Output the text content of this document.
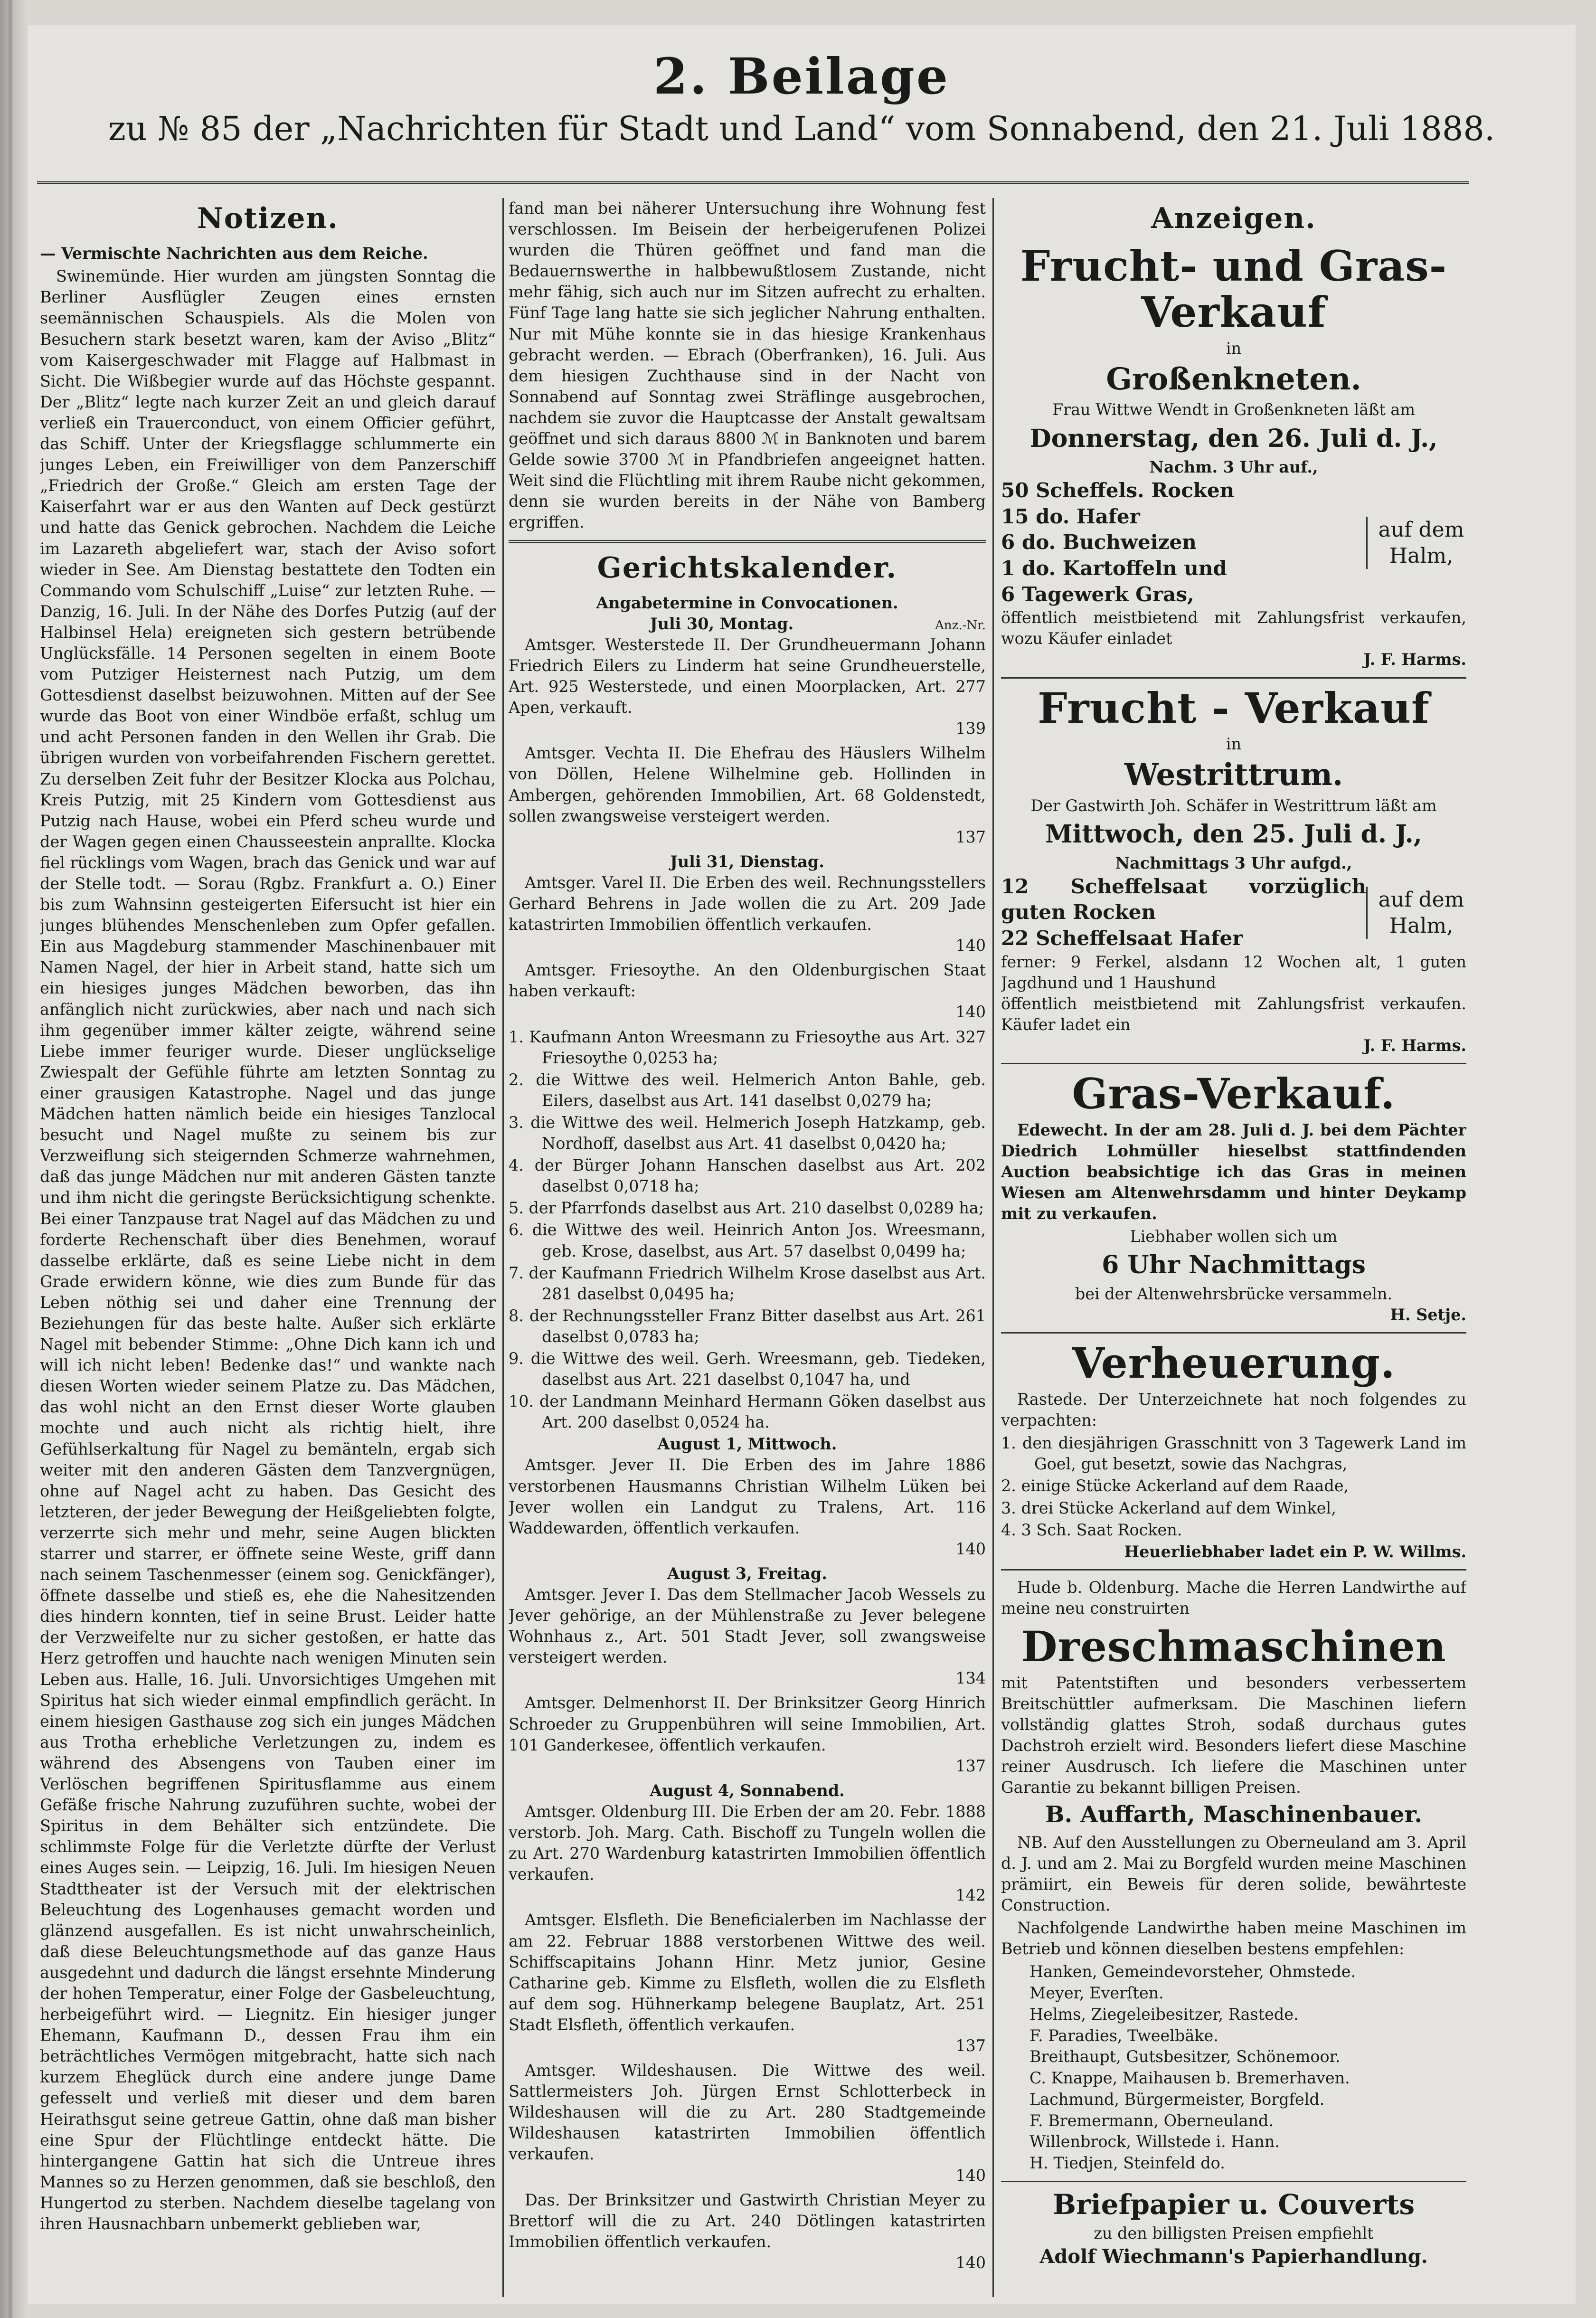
2. Beilage
zu № 85 der „Nachrichten für Stadt und Land“ vom Sonnabend, den 21. Juli 1888.
Notizen.

— Vermischte Nachrichten aus dem Reiche.

Swinemünde. Hier wurden am jüngsten Sonntag die Berliner Ausflügler Zeugen eines ernsten seemännischen Schauspiels. Als die Molen von Besuchern stark besetzt waren, kam der Aviso „Blitz“ vom Kaisergeschwader mit Flagge auf Halbmast in Sicht. Die Wißbegier wurde auf das Höchste gespannt. Der „Blitz“ legte nach kurzer Zeit an und gleich darauf verließ ein Trauerconduct, von einem Officier geführt, das Schiff. Unter der Kriegsflagge schlummerte ein junges Leben, ein Freiwilliger von dem Panzerschiff „Friedrich der Große.“ Gleich am ersten Tage der Kaiserfahrt war er aus den Wanten auf Deck gestürzt und hatte das Genick gebrochen. Nachdem die Leiche im Lazareth abgeliefert war, stach der Aviso sofort wieder in See. Am Dienstag bestattete den Todten ein Commando vom Schulschiff „Luise“ zur letzten Ruhe. — Danzig, 16. Juli. In der Nähe des Dorfes Putzig (auf der Halbinsel Hela) ereigneten sich gestern betrübende Unglücksfälle. 14 Personen segelten in einem Boote vom Putziger Heisternest nach Putzig, um dem Gottesdienst daselbst beizuwohnen. Mitten auf der See wurde das Boot von einer Windböe erfaßt, schlug um und acht Personen fanden in den Wellen ihr Grab. Die übrigen wurden von vorbeifahrenden Fischern gerettet. Zu derselben Zeit fuhr der Besitzer Klocka aus Polchau, Kreis Putzig, mit 25 Kindern vom Gottesdienst aus Putzig nach Hause, wobei ein Pferd scheu wurde und der Wagen gegen einen Chausseestein anprallte. Klocka fiel rücklings vom Wagen, brach das Genick und war auf der Stelle todt. — Sorau (Rgbz. Frankfurt a. O.) Einer bis zum Wahnsinn gesteigerten Eifersucht ist hier ein junges blühendes Menschenleben zum Opfer gefallen. Ein aus Magdeburg stammender Maschinenbauer mit Namen Nagel, der hier in Arbeit stand, hatte sich um ein hiesiges junges Mädchen beworben, das ihn anfänglich nicht zurückwies, aber nach und nach sich ihm gegenüber immer kälter zeigte, während seine Liebe immer feuriger wurde. Dieser unglückselige Zwiespalt der Gefühle führte am letzten Sonntag zu einer grausigen Katastrophe. Nagel und das junge Mädchen hatten nämlich beide ein hiesiges Tanzlocal besucht und Nagel mußte zu seinem bis zur Verzweiflung sich steigernden Schmerze wahrnehmen, daß das junge Mädchen nur mit anderen Gästen tanzte und ihm nicht die geringste Berücksichtigung schenkte. Bei einer Tanzpause trat Nagel auf das Mädchen zu und forderte Rechenschaft über dies Benehmen, worauf dasselbe erklärte, daß es seine Liebe nicht in dem Grade erwidern könne, wie dies zum Bunde für das Leben nöthig sei und daher eine Trennung der Beziehungen für das beste halte. Außer sich erklärte Nagel mit bebender Stimme: „Ohne Dich kann ich und will ich nicht leben! Bedenke das!“ und wankte nach diesen Worten wieder seinem Platze zu. Das Mädchen, das wohl nicht an den Ernst dieser Worte glauben mochte und auch nicht als richtig hielt, ihre Gefühlserkaltung für Nagel zu bemänteln, ergab sich weiter mit den anderen Gästen dem Tanzvergnügen, ohne auf Nagel acht zu haben. Das Gesicht des letzteren, der jeder Bewegung der Heißgeliebten folgte, verzerrte sich mehr und mehr, seine Augen blickten starrer und starrer, er öffnete seine Weste, griff dann nach seinem Taschenmesser (einem sog. Genickfänger), öffnete dasselbe und stieß es, ehe die Nahesitzenden dies hindern konnten, tief in seine Brust. Leider hatte der Verzweifelte nur zu sicher gestoßen, er hatte das Herz getroffen und hauchte nach wenigen Minuten sein Leben aus. Halle, 16. Juli. Unvorsichtiges Umgehen mit Spiritus hat sich wieder einmal empfindlich gerächt. In einem hiesigen Gasthause zog sich ein junges Mädchen aus Trotha erhebliche Verletzungen zu, indem es während des Absengens von Tauben einer im Verlöschen begriffenen Spiritusflamme aus einem Gefäße frische Nahrung zuzuführen suchte, wobei der Spiritus in dem Behälter sich entzündete. Die schlimmste Folge für die Verletzte dürfte der Verlust eines Auges sein. — Leipzig, 16. Juli. Im hiesigen Neuen Stadttheater ist der Versuch mit der elektrischen Beleuchtung des Logenhauses gemacht worden und glänzend ausgefallen. Es ist nicht unwahrscheinlich, daß diese Beleuchtungsmethode auf das ganze Haus ausgedehnt und dadurch die längst ersehnte Minderung der hohen Temperatur, einer Folge der Gasbeleuchtung, herbeigeführt wird. — Liegnitz. Ein hiesiger junger Ehemann, Kaufmann D., dessen Frau ihm ein beträchtliches Vermögen mitgebracht, hatte sich nach kurzem Eheglück durch eine andere junge Dame gefesselt und verließ mit dieser und dem baren Heirathsgut seine getreue Gattin, ohne daß man bisher eine Spur der Flüchtlinge entdeckt hätte. Die hintergangene Gattin hat sich die Untreue ihres Mannes so zu Herzen genommen, daß sie beschloß, den Hungertod zu sterben. Nachdem dieselbe tagelang von ihren Hausnachbarn unbemerkt geblieben war,

fand man bei näherer Untersuchung ihre Wohnung fest verschlossen. Im Beisein der herbeigerufenen Polizei wurden die Thüren geöffnet und fand man die Bedauernswerthe in halbbewußtlosem Zustande, nicht mehr fähig, sich auch nur im Sitzen aufrecht zu erhalten. Fünf Tage lang hatte sie sich jeglicher Nahrung enthalten. Nur mit Mühe konnte sie in das hiesige Krankenhaus gebracht werden. — Ebrach (Oberfranken), 16. Juli. Aus dem hiesigen Zuchthause sind in der Nacht von Sonnabend auf Sonntag zwei Sträflinge ausgebrochen, nachdem sie zuvor die Hauptcasse der Anstalt gewaltsam geöffnet und sich daraus 8800 ℳ in Banknoten und barem Gelde sowie 3700 ℳ in Pfandbriefen angeeignet hatten. Weit sind die Flüchtling mit ihrem Raube nicht gekommen, denn sie wurden bereits in der Nähe von Bamberg ergriffen.

Gerichtskalender.
Angabetermine in Convocationen.
Juli 30, Montag.	Anz.-Nr.
Amtsger. Westerstede II. Der Grundheuermann Johann Friedrich Eilers zu Linderm hat seine Grundheuerstelle, Art. 925 Westerstede, und einen Moorplacken, Art. 277 Apen, verkauft.
139
Amtsger. Vechta II. Die Ehefrau des Häuslers Wilhelm von Döllen, Helene Wilhelmine geb. Hollinden in Ambergen, gehörenden Immobilien, Art. 68 Goldenstedt, sollen zwangsweise versteigert werden.
137
Juli 31, Dienstag.
Amtsger. Varel II. Die Erben des weil. Rechnungsstellers Gerhard Behrens in Jade wollen die zu Art. 209 Jade katastrirten Immobilien öffentlich verkaufen.
140
Amtsger. Friesoythe. An den Oldenburgischen Staat haben verkauft:
140
1. Kaufmann Anton Wreesmann zu Friesoythe aus Art. 327 Friesoythe 0,0253 ha;
2. die Wittwe des weil. Helmerich Anton Bahle, geb. Eilers, daselbst aus Art. 141 daselbst 0,0279 ha;
3. die Wittwe des weil. Helmerich Joseph Hatzkamp, geb. Nordhoff, daselbst aus Art. 41 daselbst 0,0420 ha;
4. der Bürger Johann Hanschen daselbst aus Art. 202 daselbst 0,0718 ha;
5. der Pfarrfonds daselbst aus Art. 210 daselbst 0,0289 ha;
6. die Wittwe des weil. Heinrich Anton Jos. Wreesmann, geb. Krose, daselbst, aus Art. 57 daselbst 0,0499 ha;
7. der Kaufmann Friedrich Wilhelm Krose daselbst aus Art. 281 daselbst 0,0495 ha;
8. der Rechnungssteller Franz Bitter daselbst aus Art. 261 daselbst 0,0783 ha;
9. die Wittwe des weil. Gerh. Wreesmann, geb. Tiedeken, daselbst aus Art. 221 daselbst 0,1047 ha, und
10. der Landmann Meinhard Hermann Göken daselbst aus Art. 200 daselbst 0,0524 ha.
August 1, Mittwoch.
Amtsger. Jever II. Die Erben des im Jahre 1886 verstorbenen Hausmanns Christian Wilhelm Lüken bei Jever wollen ein Landgut zu Tralens, Art. 116 Waddewarden, öffentlich verkaufen.
140
August 3, Freitag.
Amtsger. Jever I. Das dem Stellmacher Jacob Wessels zu Jever gehörige, an der Mühlenstraße zu Jever belegene Wohnhaus z., Art. 501 Stadt Jever, soll zwangsweise versteigert werden.
134
Amtsger. Delmenhorst II. Der Brinksitzer Georg Hinrich Schroeder zu Gruppenbühren will seine Immobilien, Art. 101 Ganderkesee, öffentlich verkaufen.
137
August 4, Sonnabend.
Amtsger. Oldenburg III. Die Erben der am 20. Febr. 1888 verstorb. Joh. Marg. Cath. Bischoff zu Tungeln wollen die zu Art. 270 Wardenburg katastrirten Immobilien öffentlich verkaufen.
142
Amtsger. Elsfleth. Die Beneficialerben im Nachlasse der am 22. Februar 1888 verstorbenen Wittwe des weil. Schiffscapitains Johann Hinr. Metz junior, Gesine Catharine geb. Kimme zu Elsfleth, wollen die zu Elsfleth auf dem sog. Hühnerkamp belegene Bauplatz, Art. 251 Stadt Elsfleth, öffentlich verkaufen.
137
Amtsger. Wildeshausen. Die Wittwe des weil. Sattlermeisters Joh. Jürgen Ernst Schlotterbeck in Wildeshausen will die zu Art. 280 Stadtgemeinde Wildeshausen katastrirten Immobilien öffentlich verkaufen.
140
Das. Der Brinksitzer und Gastwirth Christian Meyer zu Brettorf will die zu Art. 240 Dötlingen katastrirten Immobilien öffentlich verkaufen.
140
Anzeigen.
Frucht- und Gras-Verkauf
in
Großenkneten.
Frau Wittwe Wendt in Großenkneten läßt am
Donnerstag, den 26. Juli d. J.,
Nachm. 3 Uhr auf.,
50 Scheffels. Rocken
15 do. Hafer
6 do. Buchweizen
1 do. Kartoffeln und
6 Tagewerk Gras,
auf dem Halm,
öffentlich meistbietend mit Zahlungsfrist verkaufen, wozu Käufer einladet
J. F. Harms.
Frucht - Verkauf
in
Westrittrum.
Der Gastwirth Joh. Schäfer in Westrittrum läßt am
Mittwoch, den 25. Juli d. J.,
Nachmittags 3 Uhr aufgd.,
12 Scheffelsaat vorzüglich guten Rocken
22 Scheffelsaat Hafer
auf dem Halm,
ferner: 9 Ferkel, alsdann 12 Wochen alt, 1 guten Jagdhund und 1 Haushund
öffentlich meistbietend mit Zahlungsfrist verkaufen. Käufer ladet ein
J. F. Harms.
Gras-Verkauf.

Edewecht. In der am 28. Juli d. J. bei dem Pächter Diedrich Lohmüller hieselbst stattfindenden Auction beabsichtige ich das Gras in meinen Wiesen am Altenwehrsdamm und hinter Deykamp mit zu verkaufen.

Liebhaber wollen sich um
6 Uhr Nachmittags
bei der Altenwehrsbrücke versammeln.
H. Setje.
Verheuerung.

Rastede. Der Unterzeichnete hat noch folgendes zu verpachten:

1. den diesjährigen Grasschnitt von 3 Tagewerk Land im Goel, gut besetzt, sowie das Nachgras,
2. einige Stücke Ackerland auf dem Raade,
3. drei Stücke Ackerland auf dem Winkel,
4. 3 Sch. Saat Rocken.
Heuerliebhaber ladet ein P. W. Willms.

Hude b. Oldenburg. Mache die Herren Landwirthe auf meine neu construirten

Dreschmaschinen

mit Patentstiften und besonders verbessertem Breitschüttler aufmerksam. Die Maschinen liefern vollständig glattes Stroh, sodaß durchaus gutes Dachstroh erzielt wird. Besonders liefert diese Maschine reiner Ausdrusch. Ich liefere die Maschinen unter Garantie zu bekannt billigen Preisen.

B. Auffarth, Maschinenbauer.

NB. Auf den Ausstellungen zu Oberneuland am 3. April d. J. und am 2. Mai zu Borgfeld wurden meine Maschinen prämiirt, ein Beweis für deren solide, bewährteste Construction.

Nachfolgende Landwirthe haben meine Maschinen im Betrieb und können dieselben bestens empfehlen:

Hanken, Gemeindevorsteher, Ohmstede.
Meyer, Everſten.
Helms, Ziegeleibesitzer, Rastede.
F. Paradies, Tweelbäke.
Breithaupt, Gutsbesitzer, Schönemoor.
C. Knappe, Maihausen b. Bremerhaven.
Lachmund, Bürgermeister, Borgfeld.
F. Bremermann, Oberneuland.
Willenbrock, Willstede i. Hann.
H. Tiedjen, Steinfeld do.
Briefpapier u. Couverts
zu den billigsten Preisen empfiehlt
Adolf Wiechmann's Papierhandlung.
